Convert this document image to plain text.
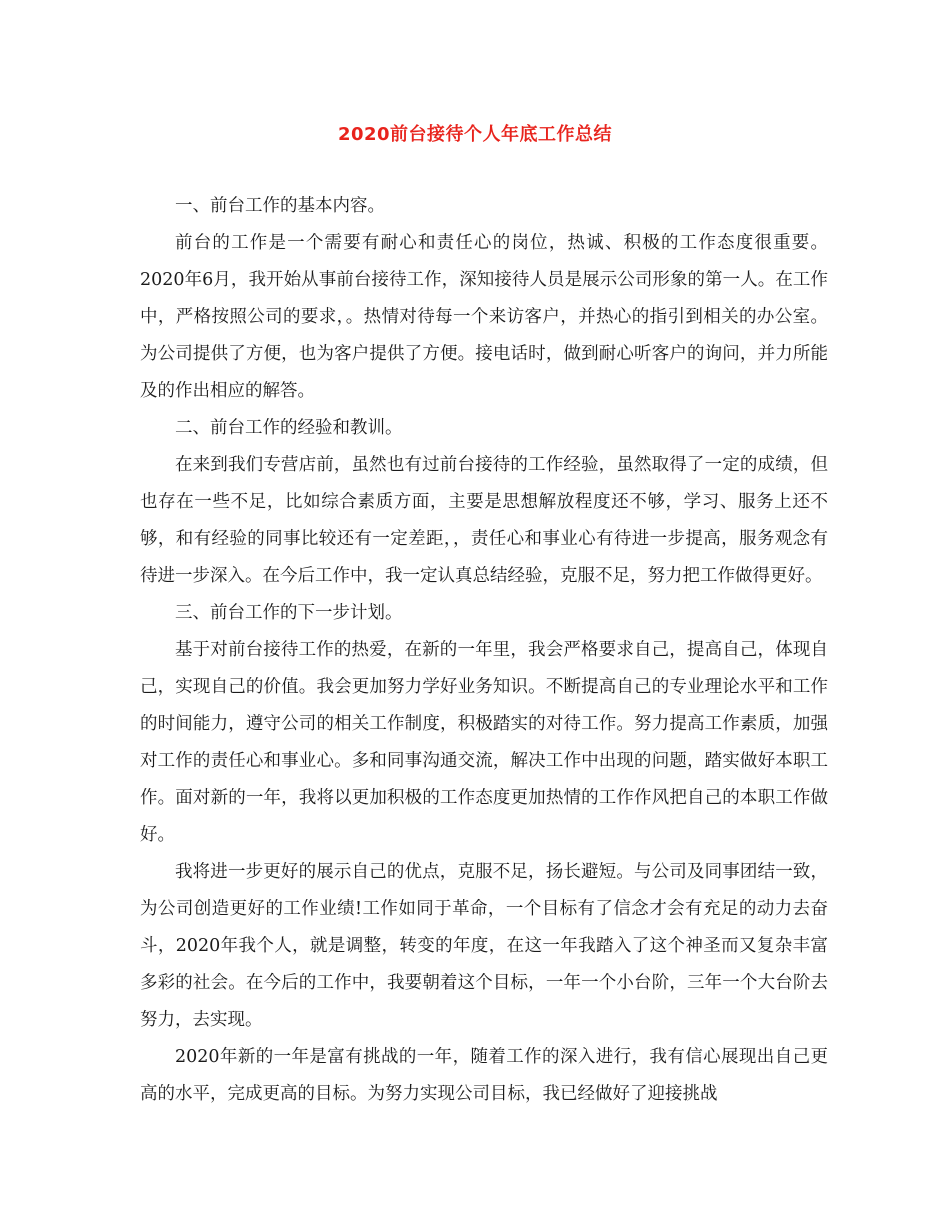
2020前台接待个人年底工作总结

一、前台工作的基本内容。

前台的工作是一个需要有耐心和责任心的岗位，热诚、积极的工作态度很重要。2020年6月，我开始从事前台接待工作，深知接待人员是展示公司形象的第一人。在工作中，严格按照公司的要求，。热情对待每一个来访客户，并热心的指引到相关的办公室。为公司提供了方便，也为客户提供了方便。接电话时，做到耐心听客户的询问，并力所能及的作出相应的解答。

二、前台工作的经验和教训。

在来到我们专营店前，虽然也有过前台接待的工作经验，虽然取得了一定的成绩，但也存在一些不足，比如综合素质方面，主要是思想解放程度还不够，学习、服务上还不够，和有经验的同事比较还有一定差距，，责任心和事业心有待进一步提高，服务观念有待进一步深入。在今后工作中，我一定认真总结经验，克服不足，努力把工作做得更好。

三、前台工作的下一步计划。

基于对前台接待工作的热爱，在新的一年里，我会严格要求自己，提高自己，体现自己，实现自己的价值。我会更加努力学好业务知识。不断提高自己的专业理论水平和工作的时间能力，遵守公司的相关工作制度，积极踏实的对待工作。努力提高工作素质，加强对工作的责任心和事业心。多和同事沟通交流，解决工作中出现的问题，踏实做好本职工作。面对新的一年，我将以更加积极的工作态度更加热情的工作作风把自己的本职工作做好。

我将进一步更好的展示自己的优点，克服不足，扬长避短。与公司及同事团结一致，为公司创造更好的工作业绩!工作如同于革命，一个目标有了信念才会有充足的动力去奋斗，2020年我个人，就是调整，转变的年度，在这一年我踏入了这个神圣而又复杂丰富多彩的社会。在今后的工作中，我要朝着这个目标，一年一个小台阶，三年一个大台阶去努力，去实现。

2020年新的一年是富有挑战的一年，随着工作的深入进行，我有信心展现出自己更高的水平，完成更高的目标。为努力实现公司目标，我已经做好了迎接挑战
